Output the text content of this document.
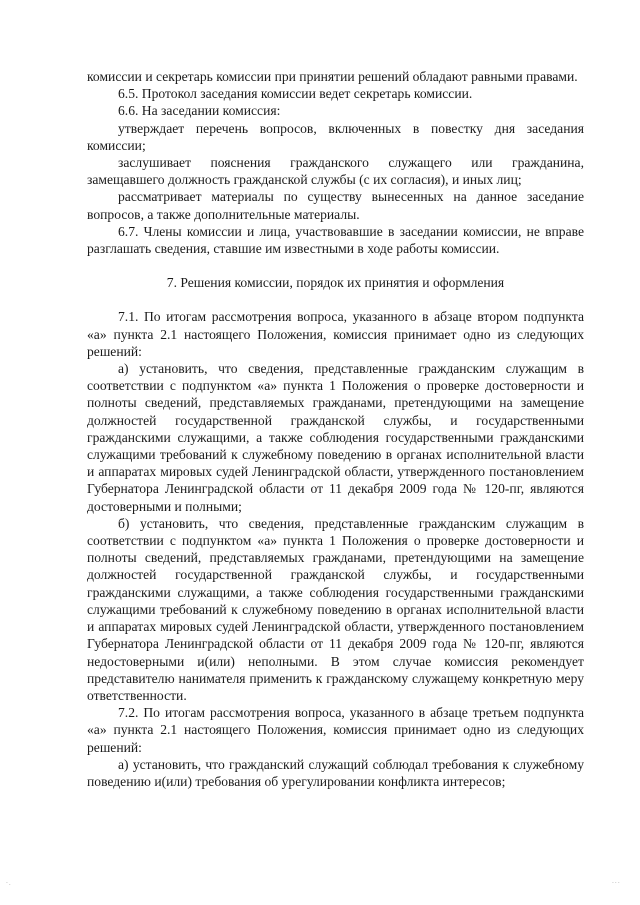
комиссии и секретарь комиссии при принятии решений обладают равными правами.

6.5. Протокол заседания комиссии ведет секретарь комиссии.

6.6. На заседании комиссия:

утверждает перечень вопросов, включенных в повестку дня заседания комиссии;

заслушивает пояснения гражданского служащего или гражданина, замещавшего должность гражданской службы (с их согласия), и иных лиц;

рассматривает материалы по существу вынесенных на данное заседание вопросов, а также дополнительные материалы.

6.7. Члены комиссии и лица, участвовавшие в заседании комиссии, не вправе разглашать сведения, ставшие им известными в ходе работы комиссии.

7. Решения комиссии, порядок их принятия и оформления

7.1. По итогам рассмотрения вопроса, указанного в абзаце втором подпункта «а» пункта 2.1 настоящего Положения, комиссия принимает одно из следующих решений:

а) установить, что сведения, представленные гражданским служащим в соответствии с подпунктом «а» пункта 1 Положения о проверке достоверности и полноты сведений, представляемых гражданами, претендующими на замещение должностей государственной гражданской службы, и государственными гражданскими служащими, а также соблюдения государственными гражданскими служащими требований к служебному поведению в органах исполнительной власти и аппаратах мировых судей Ленинградской области, утвержденного постановлением Губернатора Ленинградской области от 11 декабря 2009 года № 120-пг, являются достоверными и полными;

б) установить, что сведения, представленные гражданским служащим в соответствии с подпунктом «а» пункта 1 Положения о проверке достоверности и полноты сведений, представляемых гражданами, претендующими на замещение должностей государственной гражданской службы, и государственными гражданскими служащими, а также соблюдения государственными гражданскими служащими требований к служебному поведению в органах исполнительной власти и аппаратах мировых судей Ленинградской области, утвержденного постановлением Губернатора Ленинградской области от 11 декабря 2009 года № 120-пг, являются недостоверными и(или) неполными. В этом случае комиссия рекомендует представителю нанимателя применить к гражданскому служащему конкретную меру ответственности.

7.2. По итогам рассмотрения вопроса, указанного в абзаце третьем подпункта «а» пункта 2.1 настоящего Положения, комиссия принимает одно из следующих решений:

а) установить, что гражданский служащий соблюдал требования к служебному поведению и(или) требования об урегулировании конфликта интересов;

·.	···
